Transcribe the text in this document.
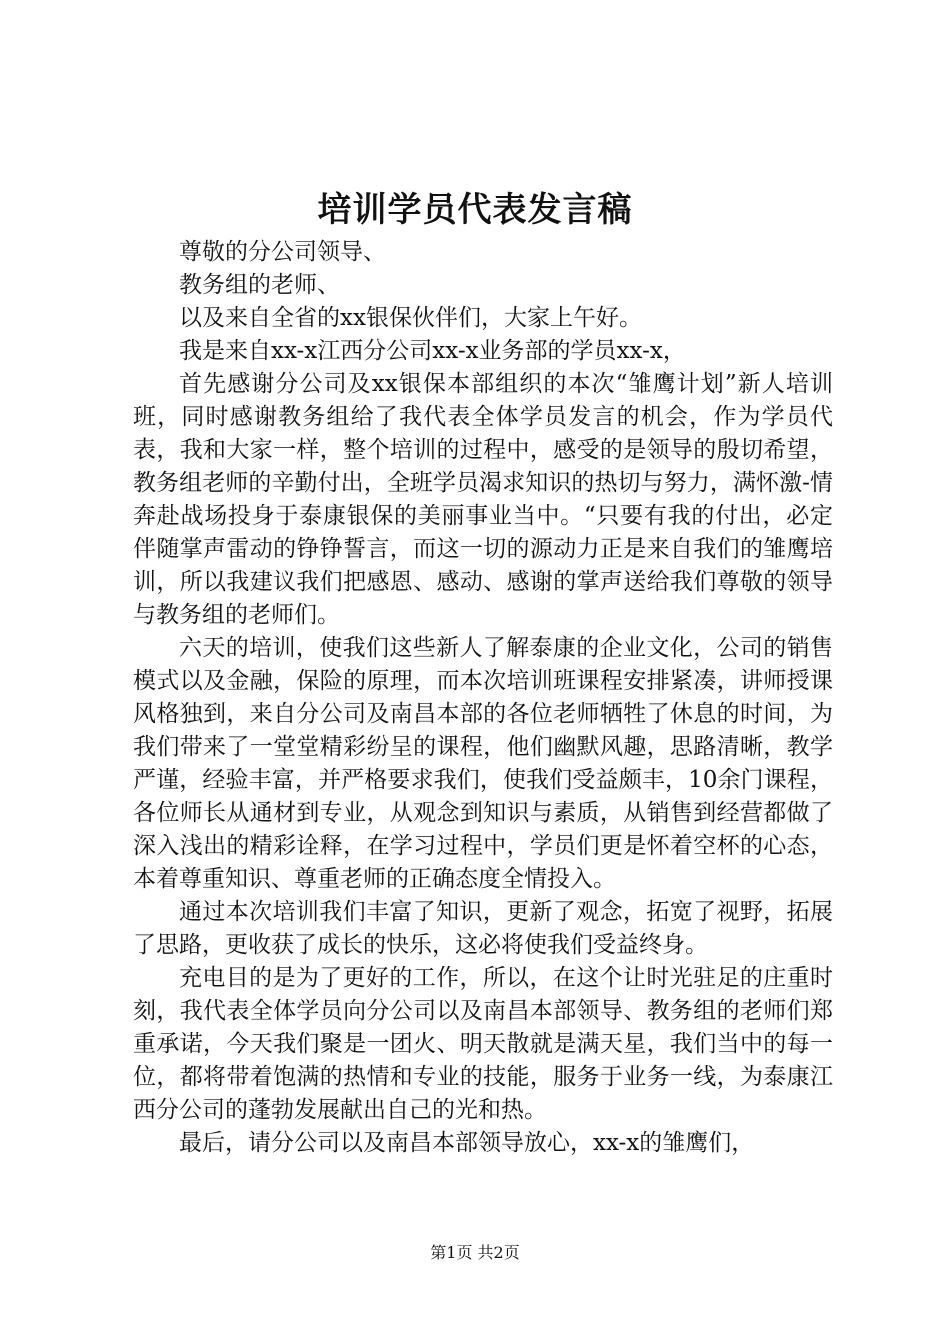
培训学员代表发言稿

尊敬的分公司领导、

教务组的老师、

以及来自全省的xx银保伙伴们，大家上午好。

我是来自xx-x江西分公司xx-x业务部的学员xx-x，

首先感谢分公司及xx银保本部组织的本次“雏鹰计划”新人培训班，同时感谢教务组给了我代表全体学员发言的机会，作为学员代表，我和大家一样，整个培训的过程中，感受的是领导的殷切希望，教务组老师的辛勤付出，全班学员渴求知识的热切与努力，满怀激-情奔赴战场投身于泰康银保的美丽事业当中。“只要有我的付出，必定伴随掌声雷动的铮铮誓言，而这一切的源动力正是来自我们的雏鹰培训，所以我建议我们把感恩、感动、感谢的掌声送给我们尊敬的领导与教务组的老师们。

六天的培训，使我们这些新人了解泰康的企业文化，公司的销售模式以及金融，保险的原理，而本次培训班课程安排紧凑，讲师授课风格独到，来自分公司及南昌本部的各位老师牺牲了休息的时间，为我们带来了一堂堂精彩纷呈的课程，他们幽默风趣，思路清晰，教学严谨，经验丰富，并严格要求我们，使我们受益颇丰，10余门课程，各位师长从通材到专业，从观念到知识与素质，从销售到经营都做了深入浅出的精彩诠释，在学习过程中，学员们更是怀着空杯的心态，本着尊重知识、尊重老师的正确态度全情投入。

通过本次培训我们丰富了知识，更新了观念，拓宽了视野，拓展了思路，更收获了成长的快乐，这必将使我们受益终身。

充电目的是为了更好的工作，所以，在这个让时光驻足的庄重时刻，我代表全体学员向分公司以及南昌本部领导、教务组的老师们郑重承诺，今天我们聚是一团火、明天散就是满天星，我们当中的每一位，都将带着饱满的热情和专业的技能，服务于业务一线，为泰康江西分公司的蓬勃发展献出自己的光和热。

最后，请分公司以及南昌本部领导放心，xx-x的雏鹰们，

第1页 共2页
